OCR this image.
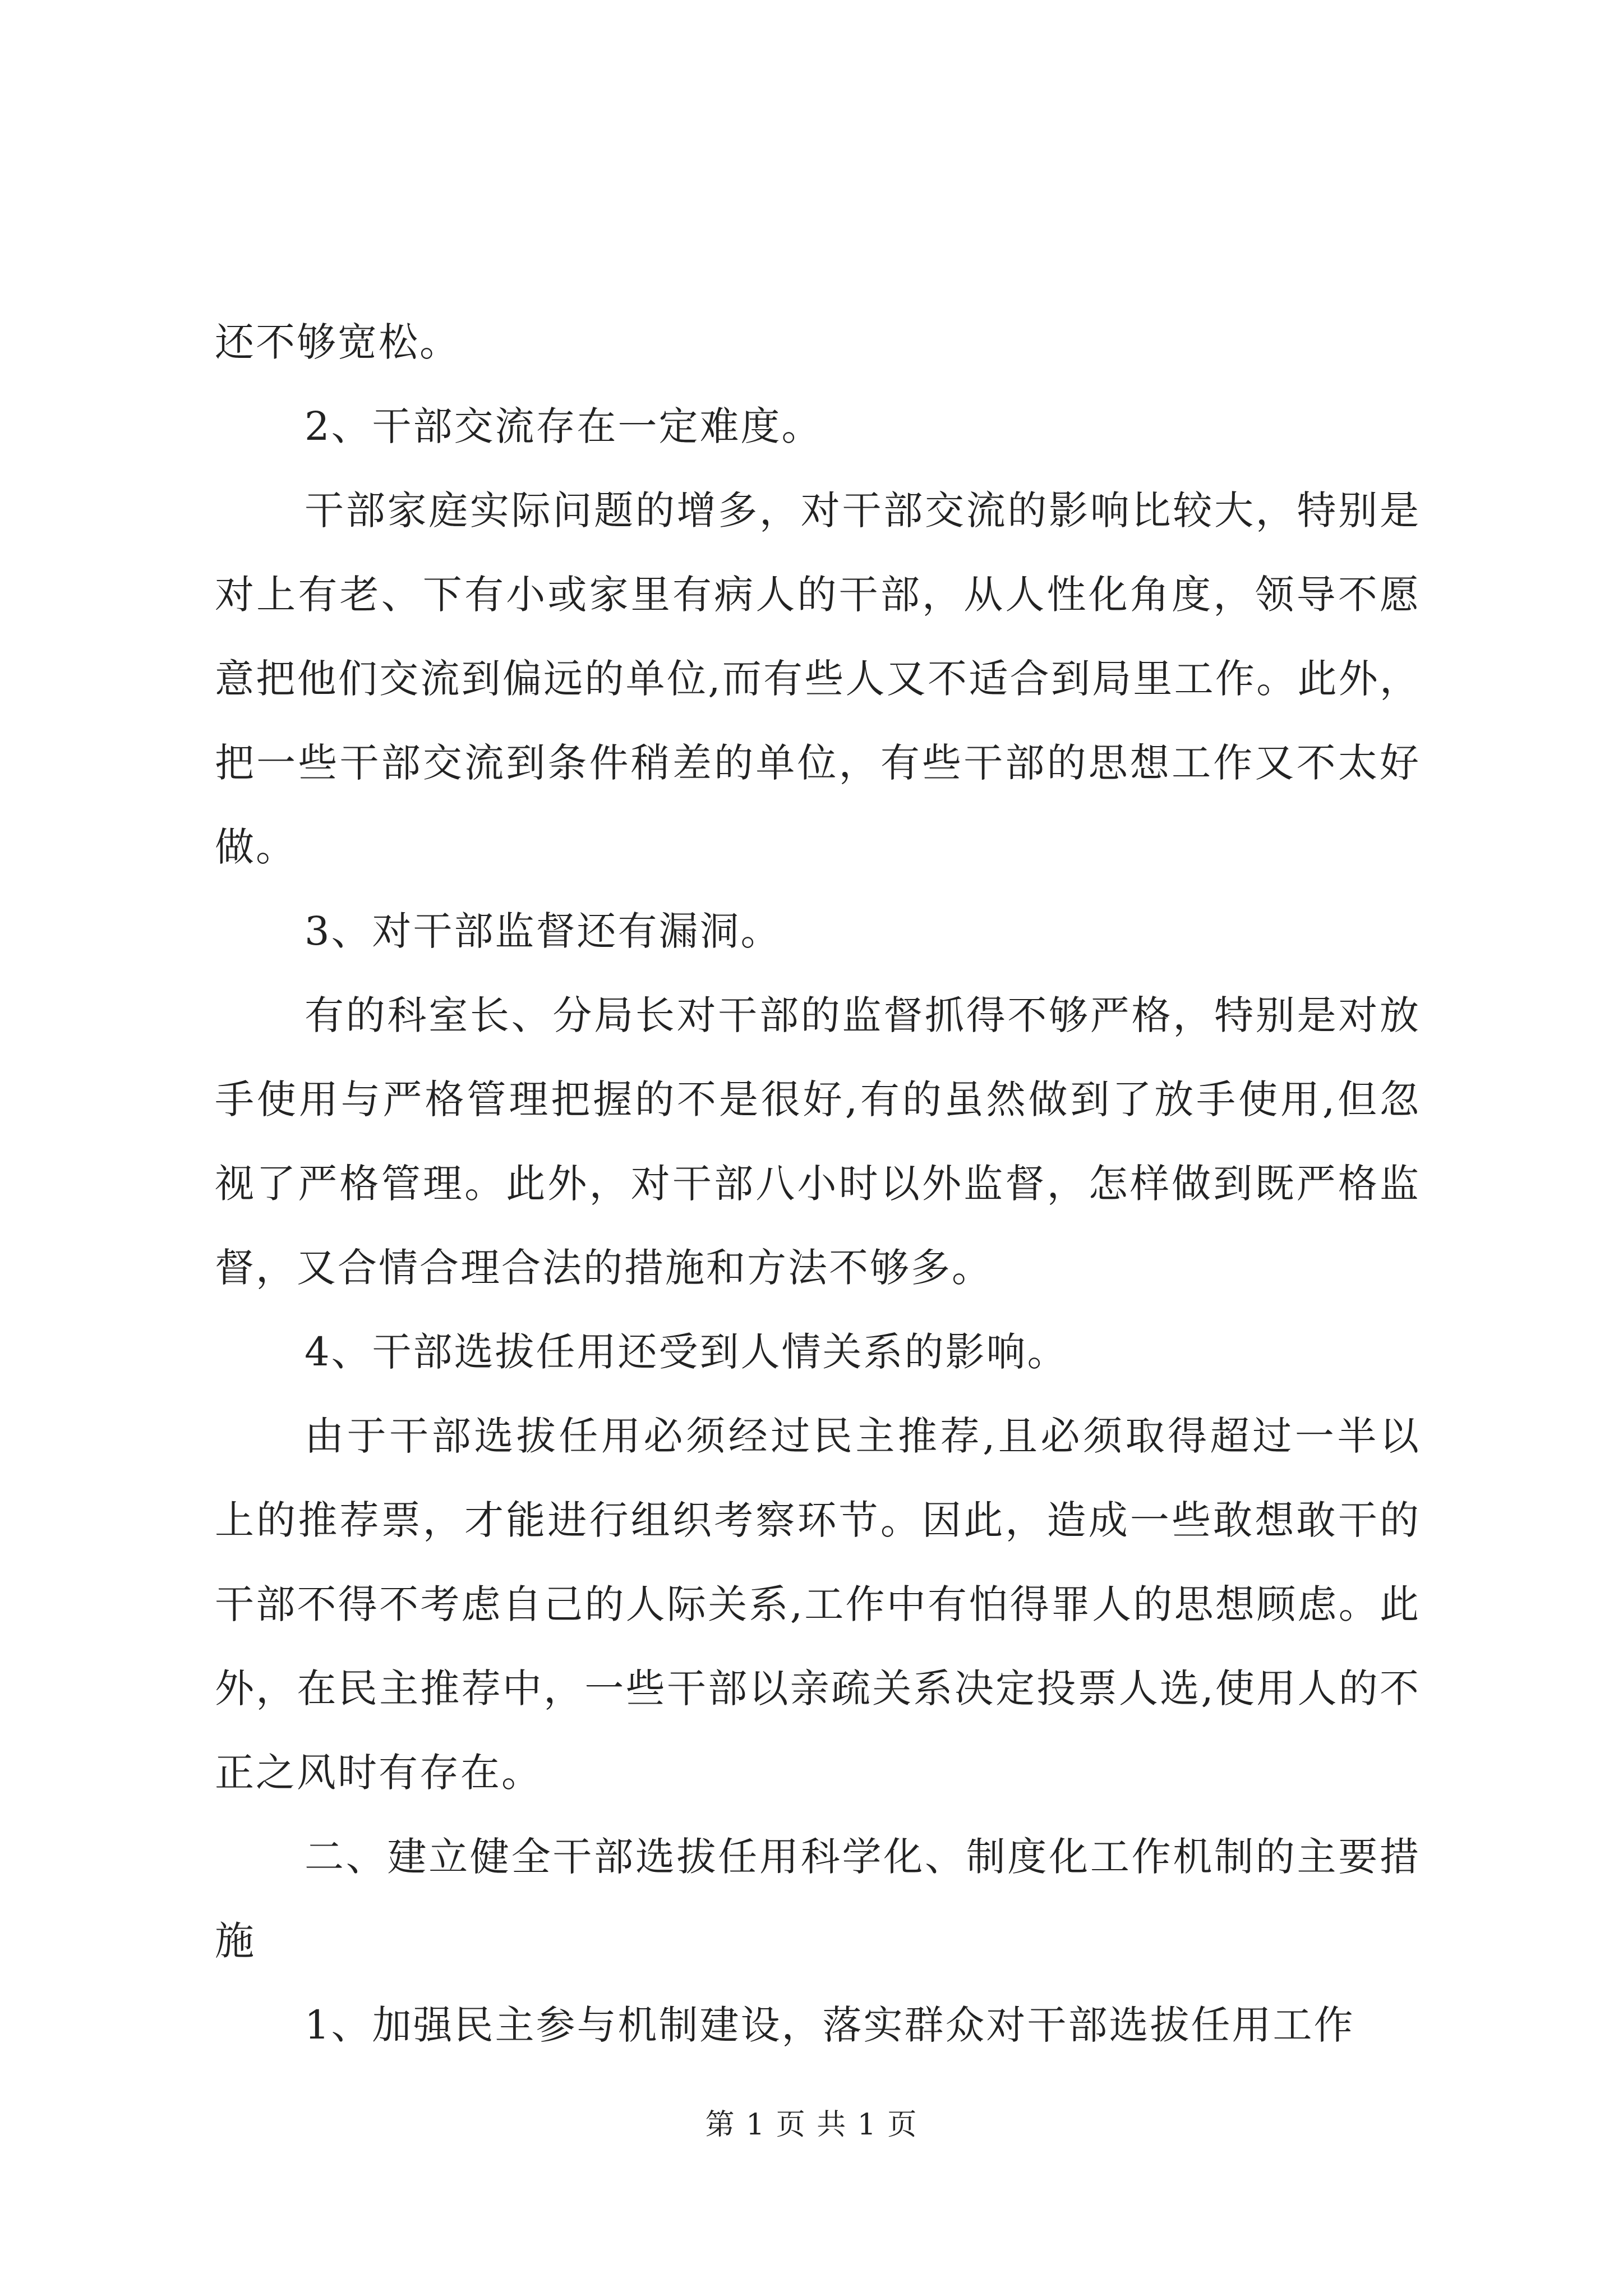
还不够宽松。

2、干部交流存在一定难度。

干部家庭实际问题的增多，对干部交流的影响比较大，特别是对上有老、下有小或家里有病人的干部，从人性化角度，领导不愿意把他们交流到偏远的单位,而有些人又不适合到局里工作。此外，把一些干部交流到条件稍差的单位，有些干部的思想工作又不太好做。

3、对干部监督还有漏洞。

有的科室长、分局长对干部的监督抓得不够严格，特别是对放手使用与严格管理把握的不是很好,有的虽然做到了放手使用,但忽视了严格管理。此外，对干部八小时以外监督，怎样做到既严格监督，又合情合理合法的措施和方法不够多。

4、干部选拔任用还受到人情关系的影响。

由于干部选拔任用必须经过民主推荐,且必须取得超过一半以上的推荐票，才能进行组织考察环节。因此，造成一些敢想敢干的干部不得不考虑自己的人际关系,工作中有怕得罪人的思想顾虑。此外，在民主推荐中，一些干部以亲疏关系决定投票人选,使用人的不正之风时有存在。

二、建立健全干部选拔任用科学化、制度化工作机制的主要措施

1、加强民主参与机制建设，落实群众对干部选拔任用工作

第 1 页 共 1 页
